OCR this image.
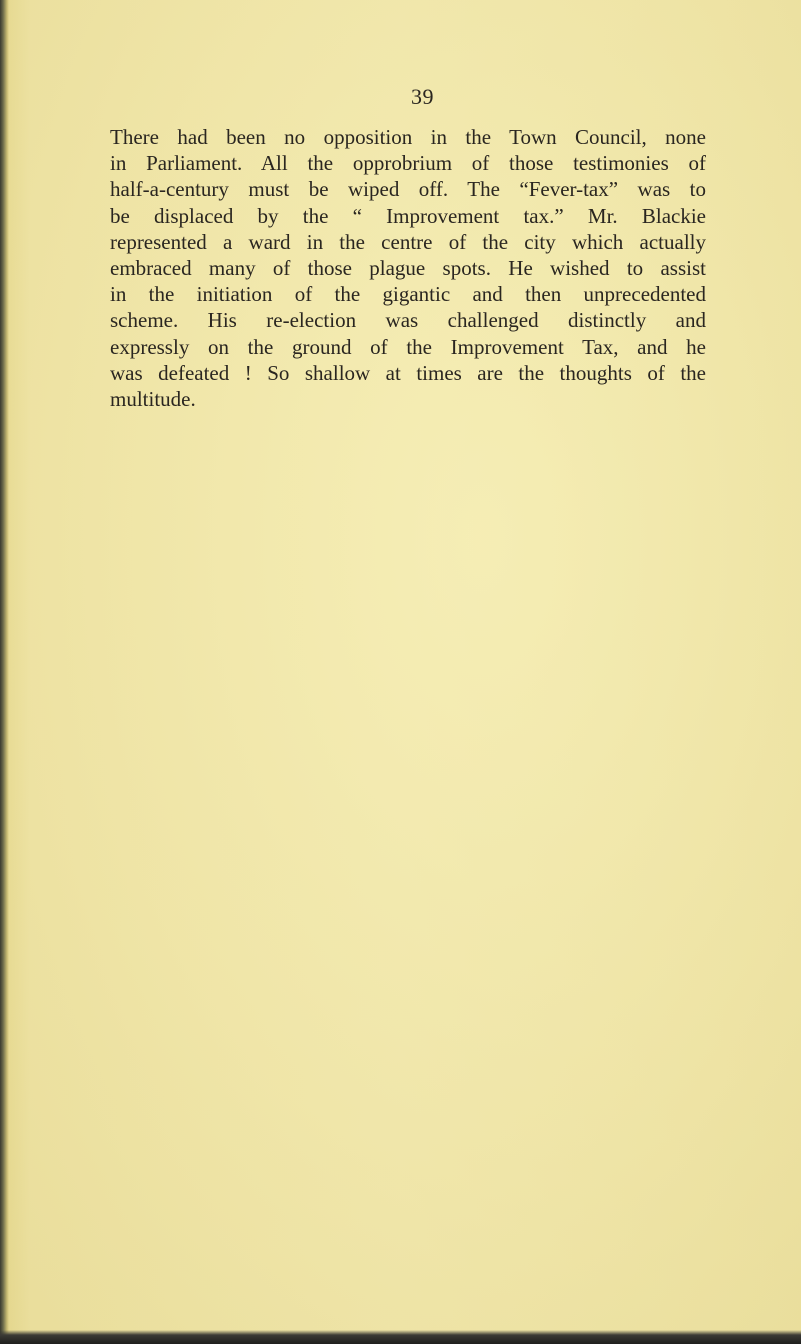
39

There had been no opposition in the Town Council, none
in Parliament. All the opprobrium of those testimonies of
half-a-century must be wiped off. The “Fever-tax” was to
be displaced by the “ Improvement tax.” Mr. Blackie
represented a ward in the centre of the city which actually
embraced many of those plague spots. He wished to assist
in the initiation of the gigantic and then unprecedented
scheme. His re-election was challenged distinctly and
expressly on the ground of the Improvement Tax, and he
was defeated ! So shallow at times are the thoughts of the
multitude.
